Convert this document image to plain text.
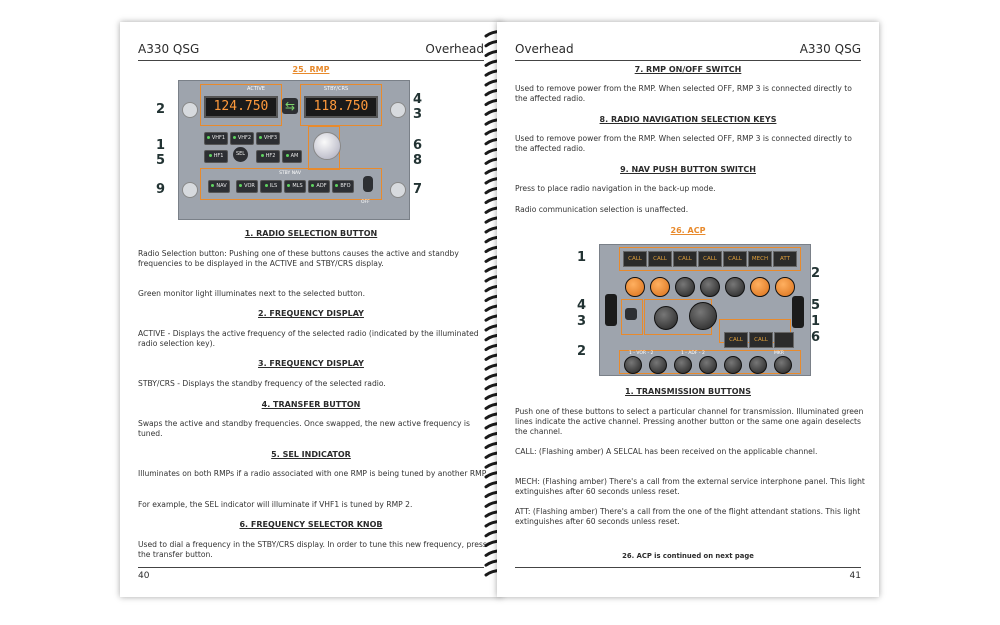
A330 QSG	Overhead
25. RMP
ACTIVE	STBY/CRS
124.750	118.750
⇆
VHF1	VHF2	VHF3
HF1	SEL	HF2	AM
STBY NAV
NAV	VOR	ILS	MLS	ADF	BFO
OFF
2
1
5
9
4
3
6
8
7
1. RADIO SELECTION BUTTON
Radio Selection button: Pushing one of these buttons causes the active and standby frequencies to be displayed in the ACTIVE and STBY/CRS display.
Green monitor light illuminates next to the selected button.
2. FREQUENCY DISPLAY
ACTIVE - Displays the active frequency of the selected radio (indicated by the illuminated radio selection key).
3. FREQUENCY DISPLAY
STBY/CRS - Displays the standby frequency of the selected radio.
4. TRANSFER BUTTON
Swaps the active and standby frequencies. Once swapped, the new active frequency is tuned.
5. SEL INDICATOR
Illuminates on both RMPs if a radio associated with one RMP is being tuned by another RMP.
For example, the SEL indicator will illuminate if VHF1 is tuned by RMP 2.
6. FREQUENCY SELECTOR KNOB
Used to dial a frequency in the STBY/CRS display. In order to tune this new frequency, press the transfer button.
40
Overhead	A330 QSG
7. RMP ON/OFF SWITCH
Used to remove power from the RMP. When selected OFF, RMP 3 is connected directly to the affected radio.
8. RADIO NAVIGATION SELECTION KEYS
Used to remove power from the RMP. When selected OFF, RMP 3 is connected directly to the affected radio.
9. NAV PUSH BUTTON SWITCH
Press to place radio navigation in the back-up mode.
Radio communication selection is unaffected.
26. ACP
CALL	CALL	CALL	CALL	CALL	MECH	ATT
CALL	CALL
1 - VOR - 2	1 - ADF - 2	MKR
1
2
4
3
2
5
1
6
1. TRANSMISSION BUTTONS
Push one of these buttons to select a particular channel for transmission. Illuminated green lines indicate the active channel. Pressing another button or the same one again deselects the channel.
CALL: (Flashing amber) A SELCAL has been received on the applicable channel.
MECH: (Flashing amber) There's a call from the external service interphone panel. This light extinguishes after 60 seconds unless reset.
ATT: (Flashing amber) There's a call from the one of the flight attendant stations. This light extinguishes after 60 seconds unless reset.
26. ACP is continued on next page
41
